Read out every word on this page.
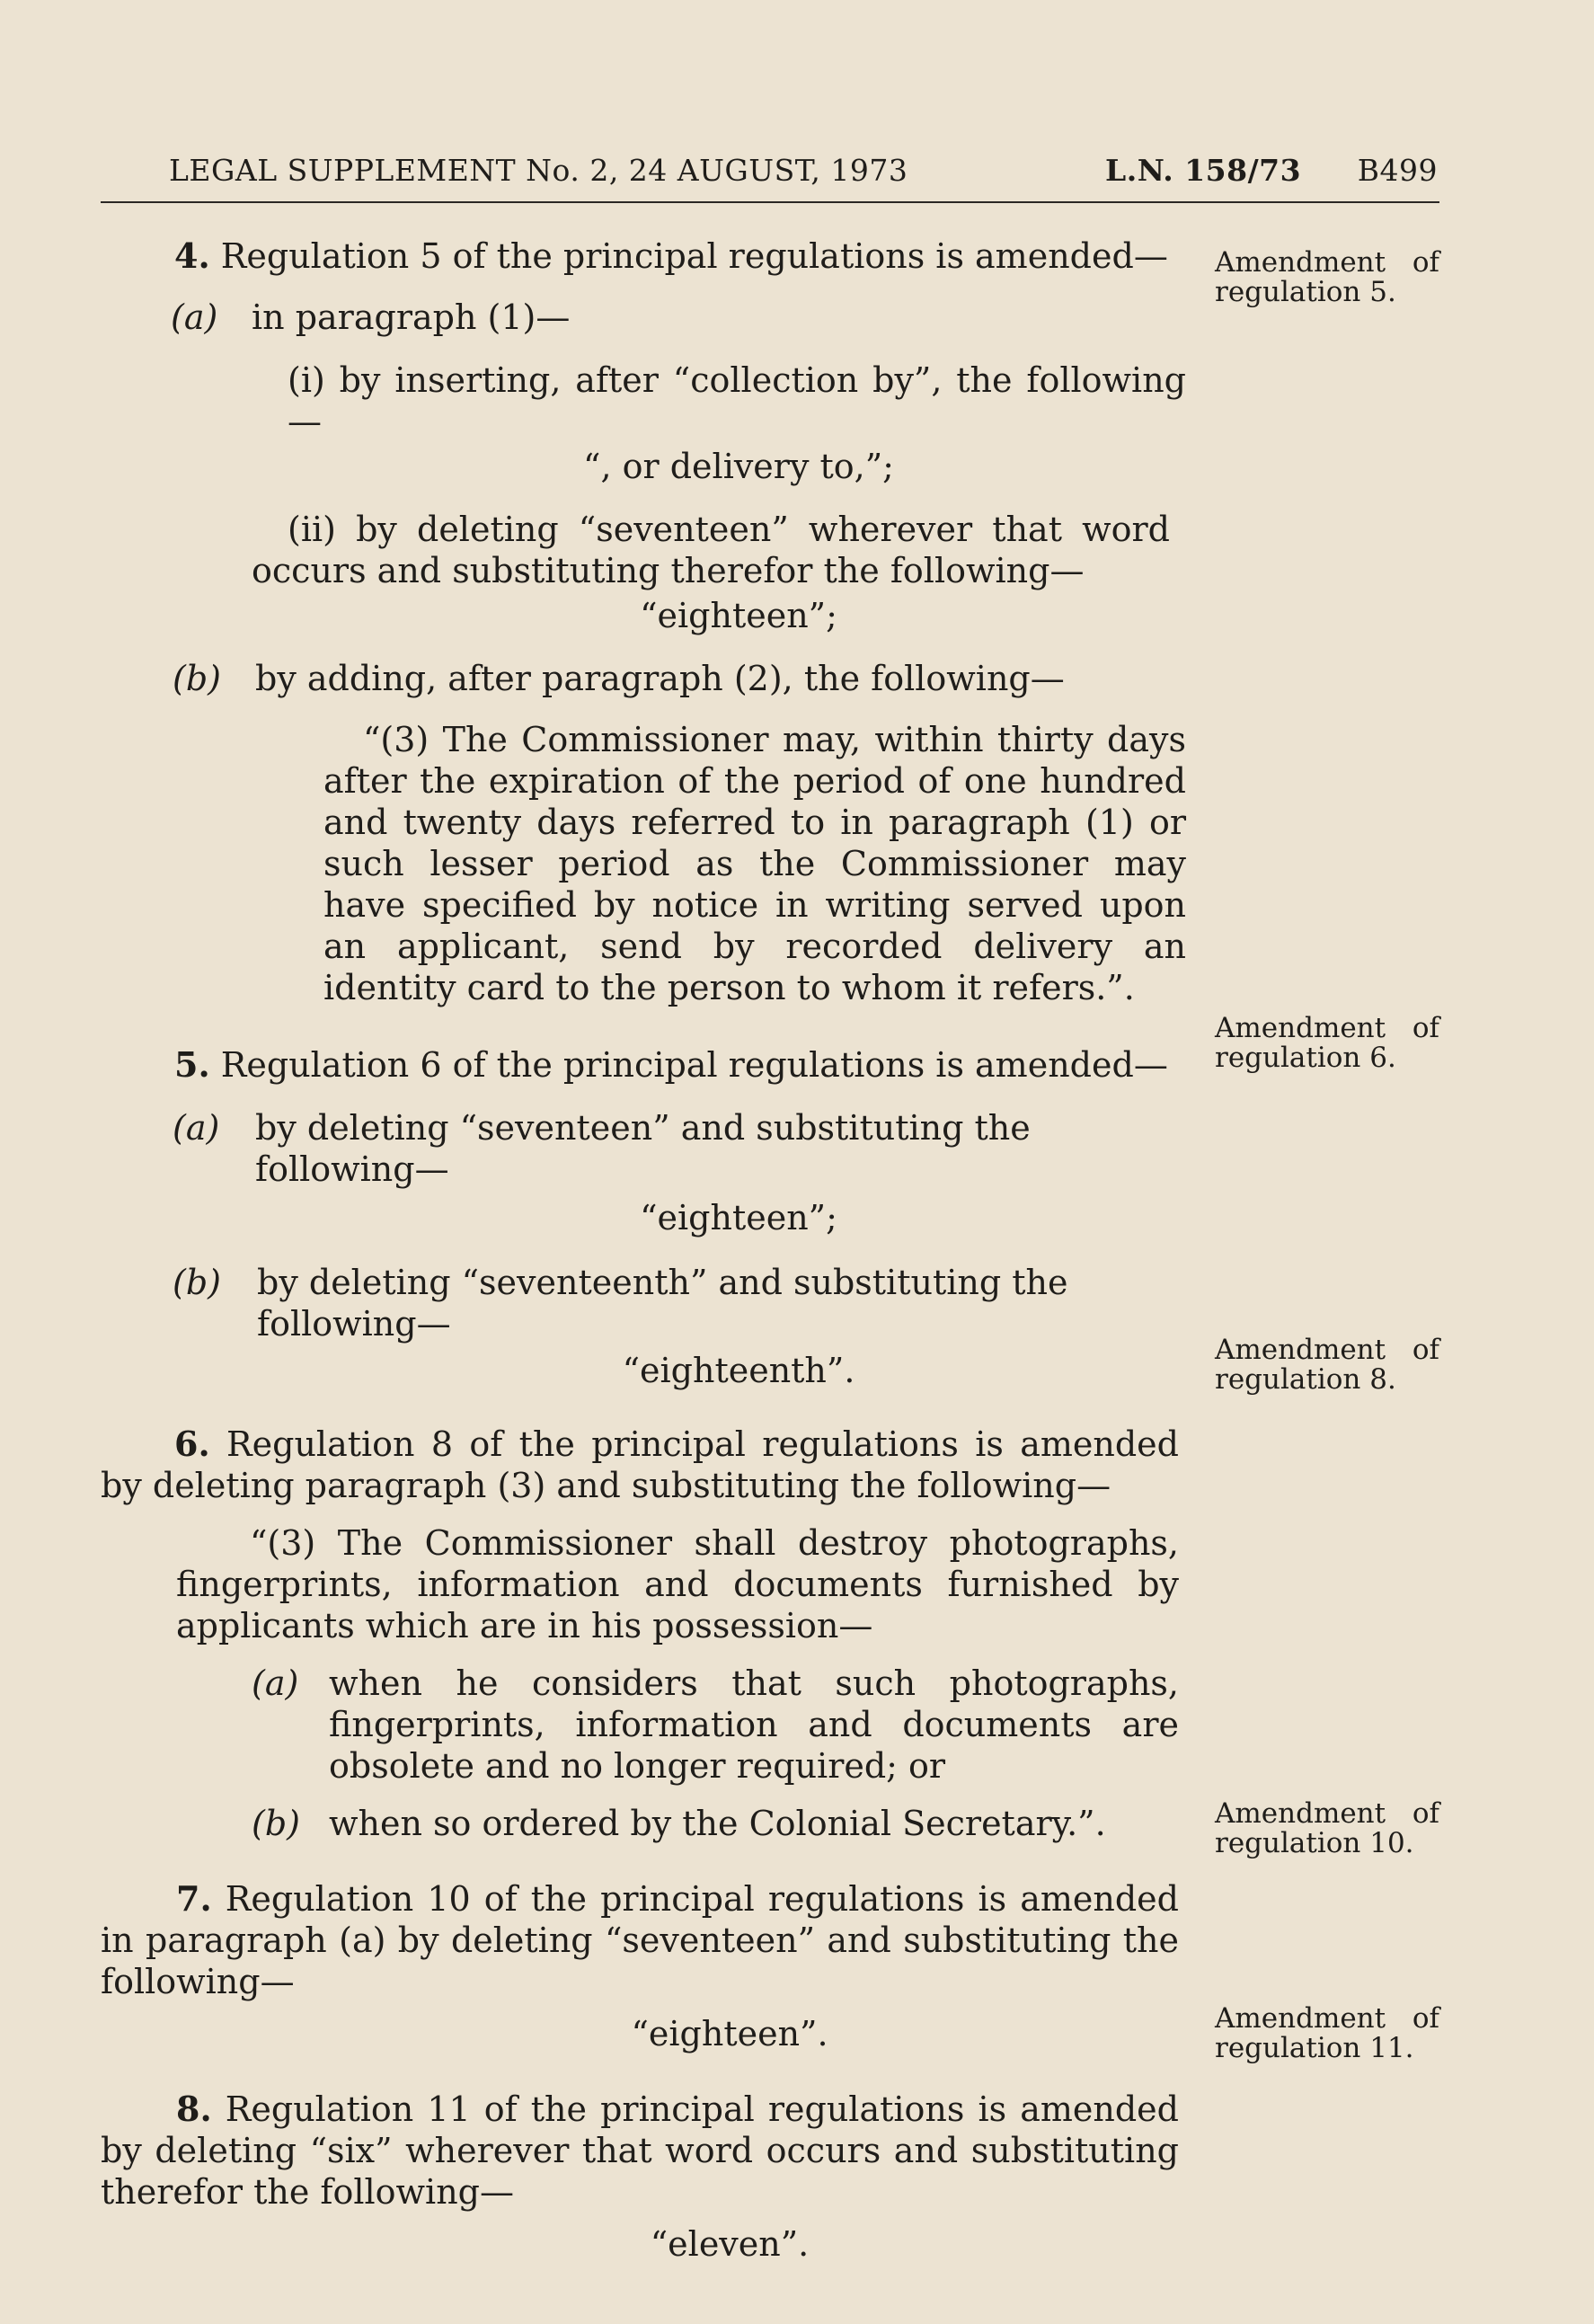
LEGAL SUPPLEMENT No. 2, 24 AUGUST, 1973	L.N. 158/73 B499
Amendment of regulation 5.
Amendment of regulation 6.
Amendment of regulation 8.
Amendment of regulation 10.
Amendment of regulation 11.

4. Regulation 5 of the principal regulations is amended—

(a) in paragraph (1)—

(i) by inserting, after “collection by”, the following—

“, or delivery to,”;

(ii) by deleting “seventeen” wherever that word occurs and substituting therefor the following—

“eighteen”;

(b) by adding, after paragraph (2), the following—

“(3) The Commissioner may, within thirty days after the expiration of the period of one hundred and twenty days referred to in paragraph (1) or such lesser period as the Commissioner may have specified by notice in writing served upon an applicant, send by recorded delivery an identity card to the person to whom it refers.”.

5. Regulation 6 of the principal regulations is amended—

(a) by deleting “seventeen” and substituting the following—

“eighteen”;

(b) by deleting “seventeenth” and substituting the following—

“eighteenth”.

6. Regulation 8 of the principal regulations is amended by deleting paragraph (3) and substituting the following—

“(3) The Commissioner shall destroy photographs, fingerprints, information and documents furnished by applicants which are in his possession—

(a) when he considers that such photographs, fingerprints, information and documents are obsolete and no longer required; or
(b) when so ordered by the Colonial Secretary.”.

7. Regulation 10 of the principal regulations is amended in paragraph (a) by deleting “seventeen” and substituting the following—

“eighteen”.

8. Regulation 11 of the principal regulations is amended by deleting “six” wherever that word occurs and substituting therefor the following—

“eleven”.
